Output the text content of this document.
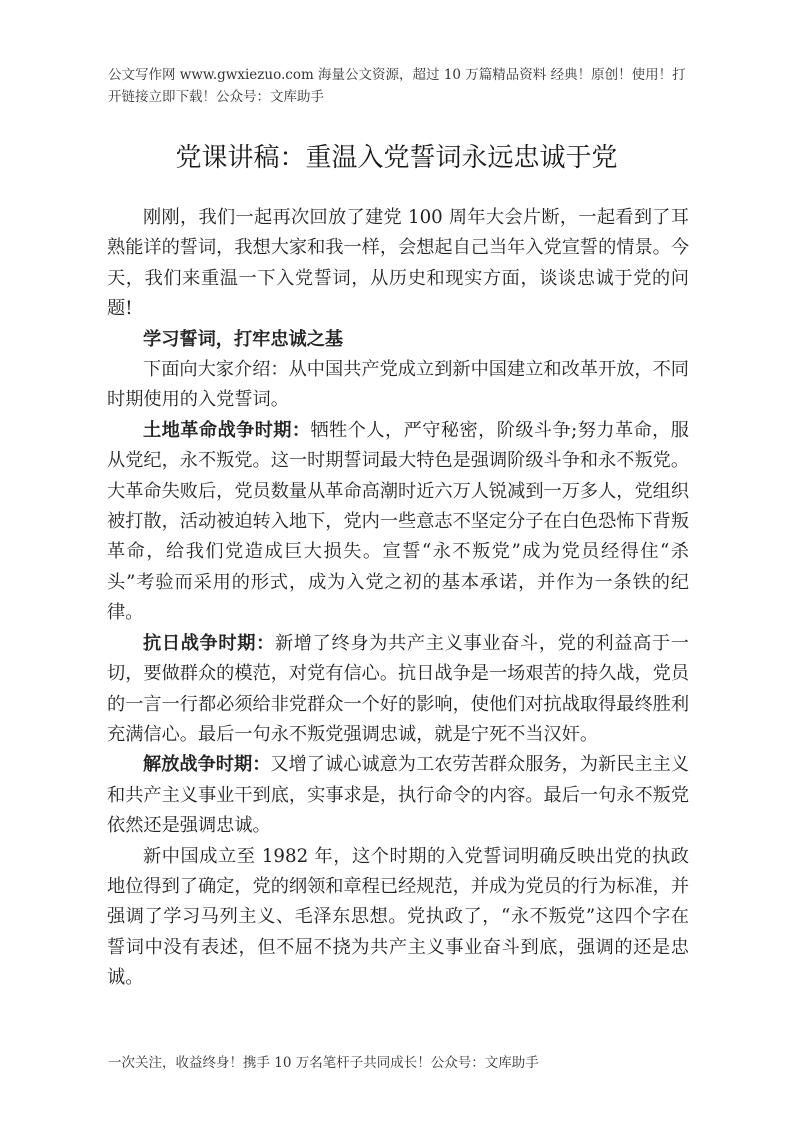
公文写作网 www.gwxiezuo.com 海量公文资源，超过 10 万篇精品资料 经典！原创！使用！打开链接立即下载！公众号：文库助手
党课讲稿：重温入党誓词永远忠诚于党

刚刚，我们一起再次回放了建党 100 周年大会片断，一起看到了耳熟能详的誓词，我想大家和我一样，会想起自己当年入党宣誓的情景。今天，我们来重温一下入党誓词，从历史和现实方面，谈谈忠诚于党的问题!

学习誓词，打牢忠诚之基

下面向大家介绍：从中国共产党成立到新中国建立和改革开放，不同时期使用的入党誓词。

土地革命战争时期：牺牲个人，严守秘密，阶级斗争;努力革命，服从党纪，永不叛党。这一时期誓词最大特色是强调阶级斗争和永不叛党。大革命失败后，党员数量从革命高潮时近六万人锐减到一万多人，党组织被打散，活动被迫转入地下，党内一些意志不坚定分子在白色恐怖下背叛革命，给我们党造成巨大损失。宣誓“永不叛党”成为党员经得住“杀头”考验而采用的形式，成为入党之初的基本承诺，并作为一条铁的纪律。

抗日战争时期：新增了终身为共产主义事业奋斗，党的利益高于一切，要做群众的模范，对党有信心。抗日战争是一场艰苦的持久战，党员的一言一行都必须给非党群众一个好的影响，使他们对抗战取得最终胜利充满信心。最后一句永不叛党强调忠诚，就是宁死不当汉奸。

解放战争时期：又增了诚心诚意为工农劳苦群众服务，为新民主主义和共产主义事业干到底，实事求是，执行命令的内容。最后一句永不叛党依然还是强调忠诚。

新中国成立至 1982 年，这个时期的入党誓词明确反映出党的执政地位得到了确定，党的纲领和章程已经规范，并成为党员的行为标准，并强调了学习马列主义、毛泽东思想。党执政了，“永不叛党”这四个字在誓词中没有表述，但不屈不挠为共产主义事业奋斗到底，强调的还是忠诚。

一次关注，收益终身！携手 10 万名笔杆子共同成长！公众号：文库助手
